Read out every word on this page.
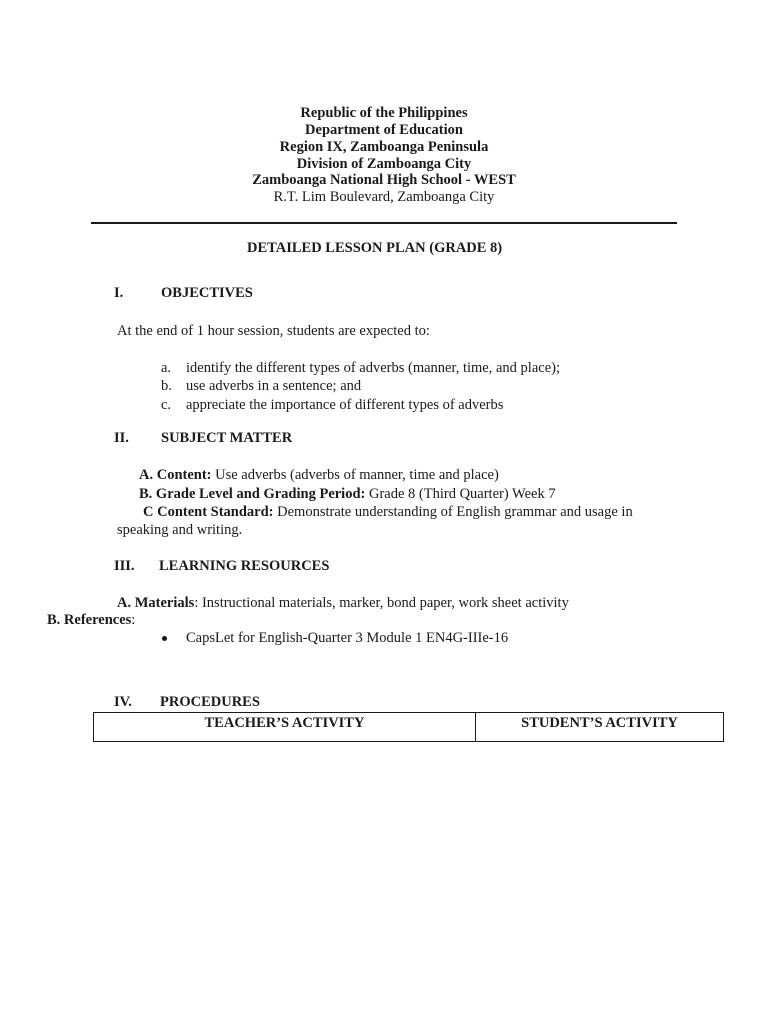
Republic of the Philippines
Department of Education
Region IX, Zamboanga Peninsula
Division of Zamboanga City
Zamboanga National High School - WEST
R.T. Lim Boulevard, Zamboanga City
DETAILED LESSON PLAN (GRADE 8)
I.	OBJECTIVES
At the end of 1 hour session, students are expected to:
a. identify the different types of adverbs (manner, time, and place);
b. use adverbs in a sentence; and
c. appreciate the importance of different types of adverbs
II. SUBJECT MATTER
A. Content: Use adverbs (adverbs of manner, time and place)
B. Grade Level and Grading Period: Grade 8 (Third Quarter) Week 7
C Content Standard: Demonstrate understanding of English grammar and usage in
speaking and writing.
III. LEARNING RESOURCES
A. Materials: Instructional materials, marker, bond paper, work sheet activity
B. References:
CapsLet for English-Quarter 3 Module 1 EN4G-IIIe-16
IV. PROCEDURES
TEACHER’S ACTIVITY	STUDENT’S ACTIVITY
